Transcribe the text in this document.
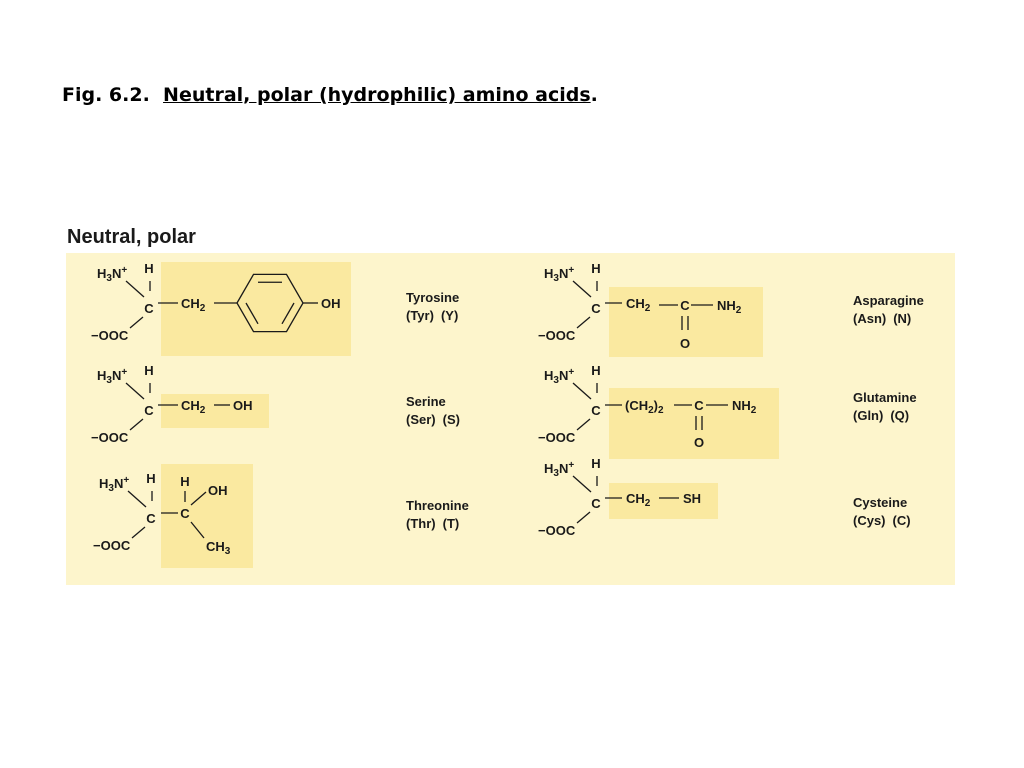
Fig. 6.2. Neutral, polar (hydrophilic) amino acids.
Neutral, polar
H3N+ H
C
−OOC
CH2	OH	Tyrosine
(Tyr) (Y)
H3N+ H
C
−OOC
CH2 OH	Serine
(Ser) (S)
H3N+ H
C
−OOC
C
H
OH
CH3
Threonine
(Thr) (T)
H3N+ H
C
−OOC
CH2 C NH2
O
Asparagine
(Asn) (N)
H3N+ H
C
−OOC
(CH2)2 C NH2
O
Glutamine
(Gln) (Q)
H3N+ H
C
−OOC
CH2	SH	Cysteine
(Cys) (C)
